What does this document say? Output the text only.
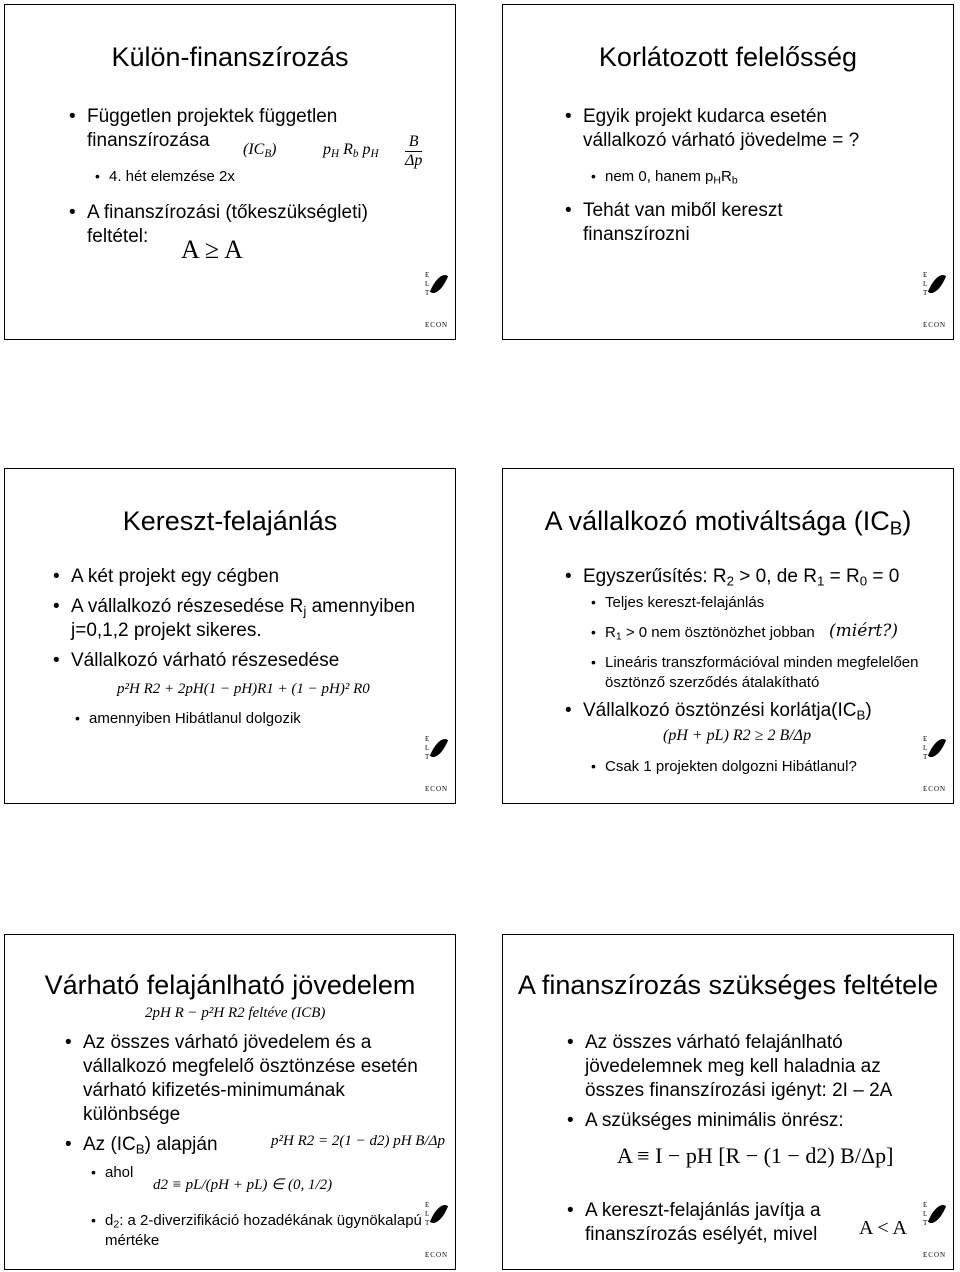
Külön-finanszírozás
• Független projektek független
finanszírozása
• 4. hét elemzése 2x
$(IC_B)$	$p_H$ $R_b$ $p_H \frac{B}{\Delta p}$
• A finanszírozási (tőkeszükségleti)
feltétel: A ≥ A
E
L
T
ECON
Korlátozott felelősség
• Egyik projekt kudarca esetén
vállalkozó várható jövedelme = ?
• nem 0, hanem $p_HR_b$
• Tehát van miből kereszt
finanszírozni
E
L
T
ECON
Kereszt-felajánlás
• A két projekt egy cégben
• A vállalkozó részesedése $R_j$ amennyiben
j=0,1,2 projekt sikeres.
• Vállalkozó várható részesedése
p²H R2 + 2pH(1 − pH)R1 + (1 − pH)² R0
• amennyiben Hibátlanul dolgozik
E
L
T
ECON
A vállalkozó motiváltsága $(IC_B)$
• Egyszerűsítés: $R_2 > 0$, de $R_1 = R_0 = 0$
• Teljes kereszt-felajánlás
• $R_1 > 0$ nem ösztönözhet jobban (miért?)
• Lineáris transzformációval minden megfelelően
ösztönző szerződés átalakítható
• Vállalkozó ösztönzési $korlátja(IC_B)$
(pH + pL) R2 ≥ 2 B/Δp
• Csak 1 projekten dolgozni Hibátlanul?
E
L
T
ECON
Várható felajánlható jövedelem
2pH R − p²H R2 feltéve (ICB)
• Az összes várható jövedelem és a
vállalkozó megfelelő ösztönzése esetén
várható kifizetés-minimumának
különbsége
• Az $(IC_B)$ alapján	p²H R2 = 2(1 − d2) pH B/Δp
• ahol
d2 ≡ pL/(pH + pL) ∈ (0, 1/2)
• $d_2$: a 2-diverzifikáció hozadékának ügynökalapú
mértéke
E
L
T
ECON
A finanszírozás szükséges feltétele
• Az összes várható felajánlható
jövedelemnek meg kell haladnia az
összes finanszírozási igényt: 2I – 2A
• A szükséges minimális önrész:
A ≡ I − pH [R − (1 − d2) B/Δp]
• A kereszt-felajánlás javítja a
finanszírozás esélyét, mivel A < A
E
L
T
ECON
